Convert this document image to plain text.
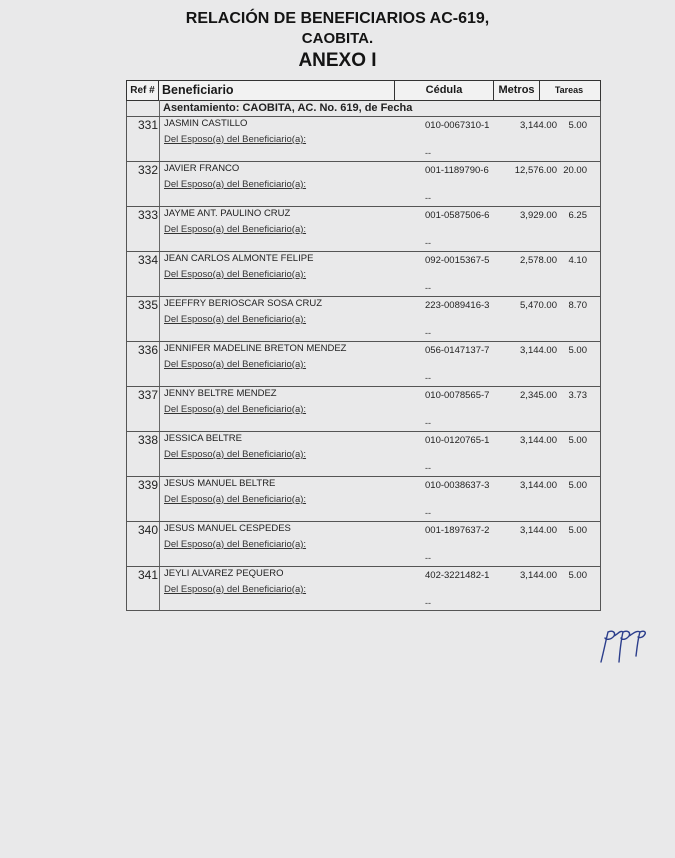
RELACIÓN DE BENEFICIARIOS AC-619,
CAOBITA.
ANEXO I
Ref # Beneficiario	Cédula	Metros	Tareas
Asentamiento: CAOBITA, AC. No. 619, de Fecha
331 JASMIN CASTILLO
Del Esposo(a) del Beneficiario(a):
010-0067310-1	3,144.00	5.00
--
332 JAVIER FRANCO
Del Esposo(a) del Beneficiario(a):
001-1189790-6	12,576.00 20.00
--
333 JAYME ANT. PAULINO CRUZ
Del Esposo(a) del Beneficiario(a):
001-0587506-6	3,929.00	6.25
--
334 JEAN CARLOS ALMONTE FELIPE
Del Esposo(a) del Beneficiario(a):
092-0015367-5	2,578.00	4.10
--
335 JEEFFRY BERIOSCAR SOSA CRUZ
Del Esposo(a) del Beneficiario(a):
223-0089416-3	5,470.00	8.70
--
336 JENNIFER MADELINE BRETON MENDEZ
Del Esposo(a) del Beneficiario(a):
056-0147137-7	3,144.00	5.00
--
337 JENNY BELTRE MENDEZ
Del Esposo(a) del Beneficiario(a):
010-0078565-7	2,345.00	3.73
--
338 JESSICA BELTRE
Del Esposo(a) del Beneficiario(a):
010-0120765-1	3,144.00	5.00
--
339 JESUS MANUEL BELTRE
Del Esposo(a) del Beneficiario(a):
010-0038637-3	3,144.00	5.00
--
340 JESUS MANUEL CESPEDES
Del Esposo(a) del Beneficiario(a):
001-1897637-2	3,144.00	5.00
--
341 JEYLI ALVAREZ PEQUERO
Del Esposo(a) del Beneficiario(a):
402-3221482-1	3,144.00	5.00
--
